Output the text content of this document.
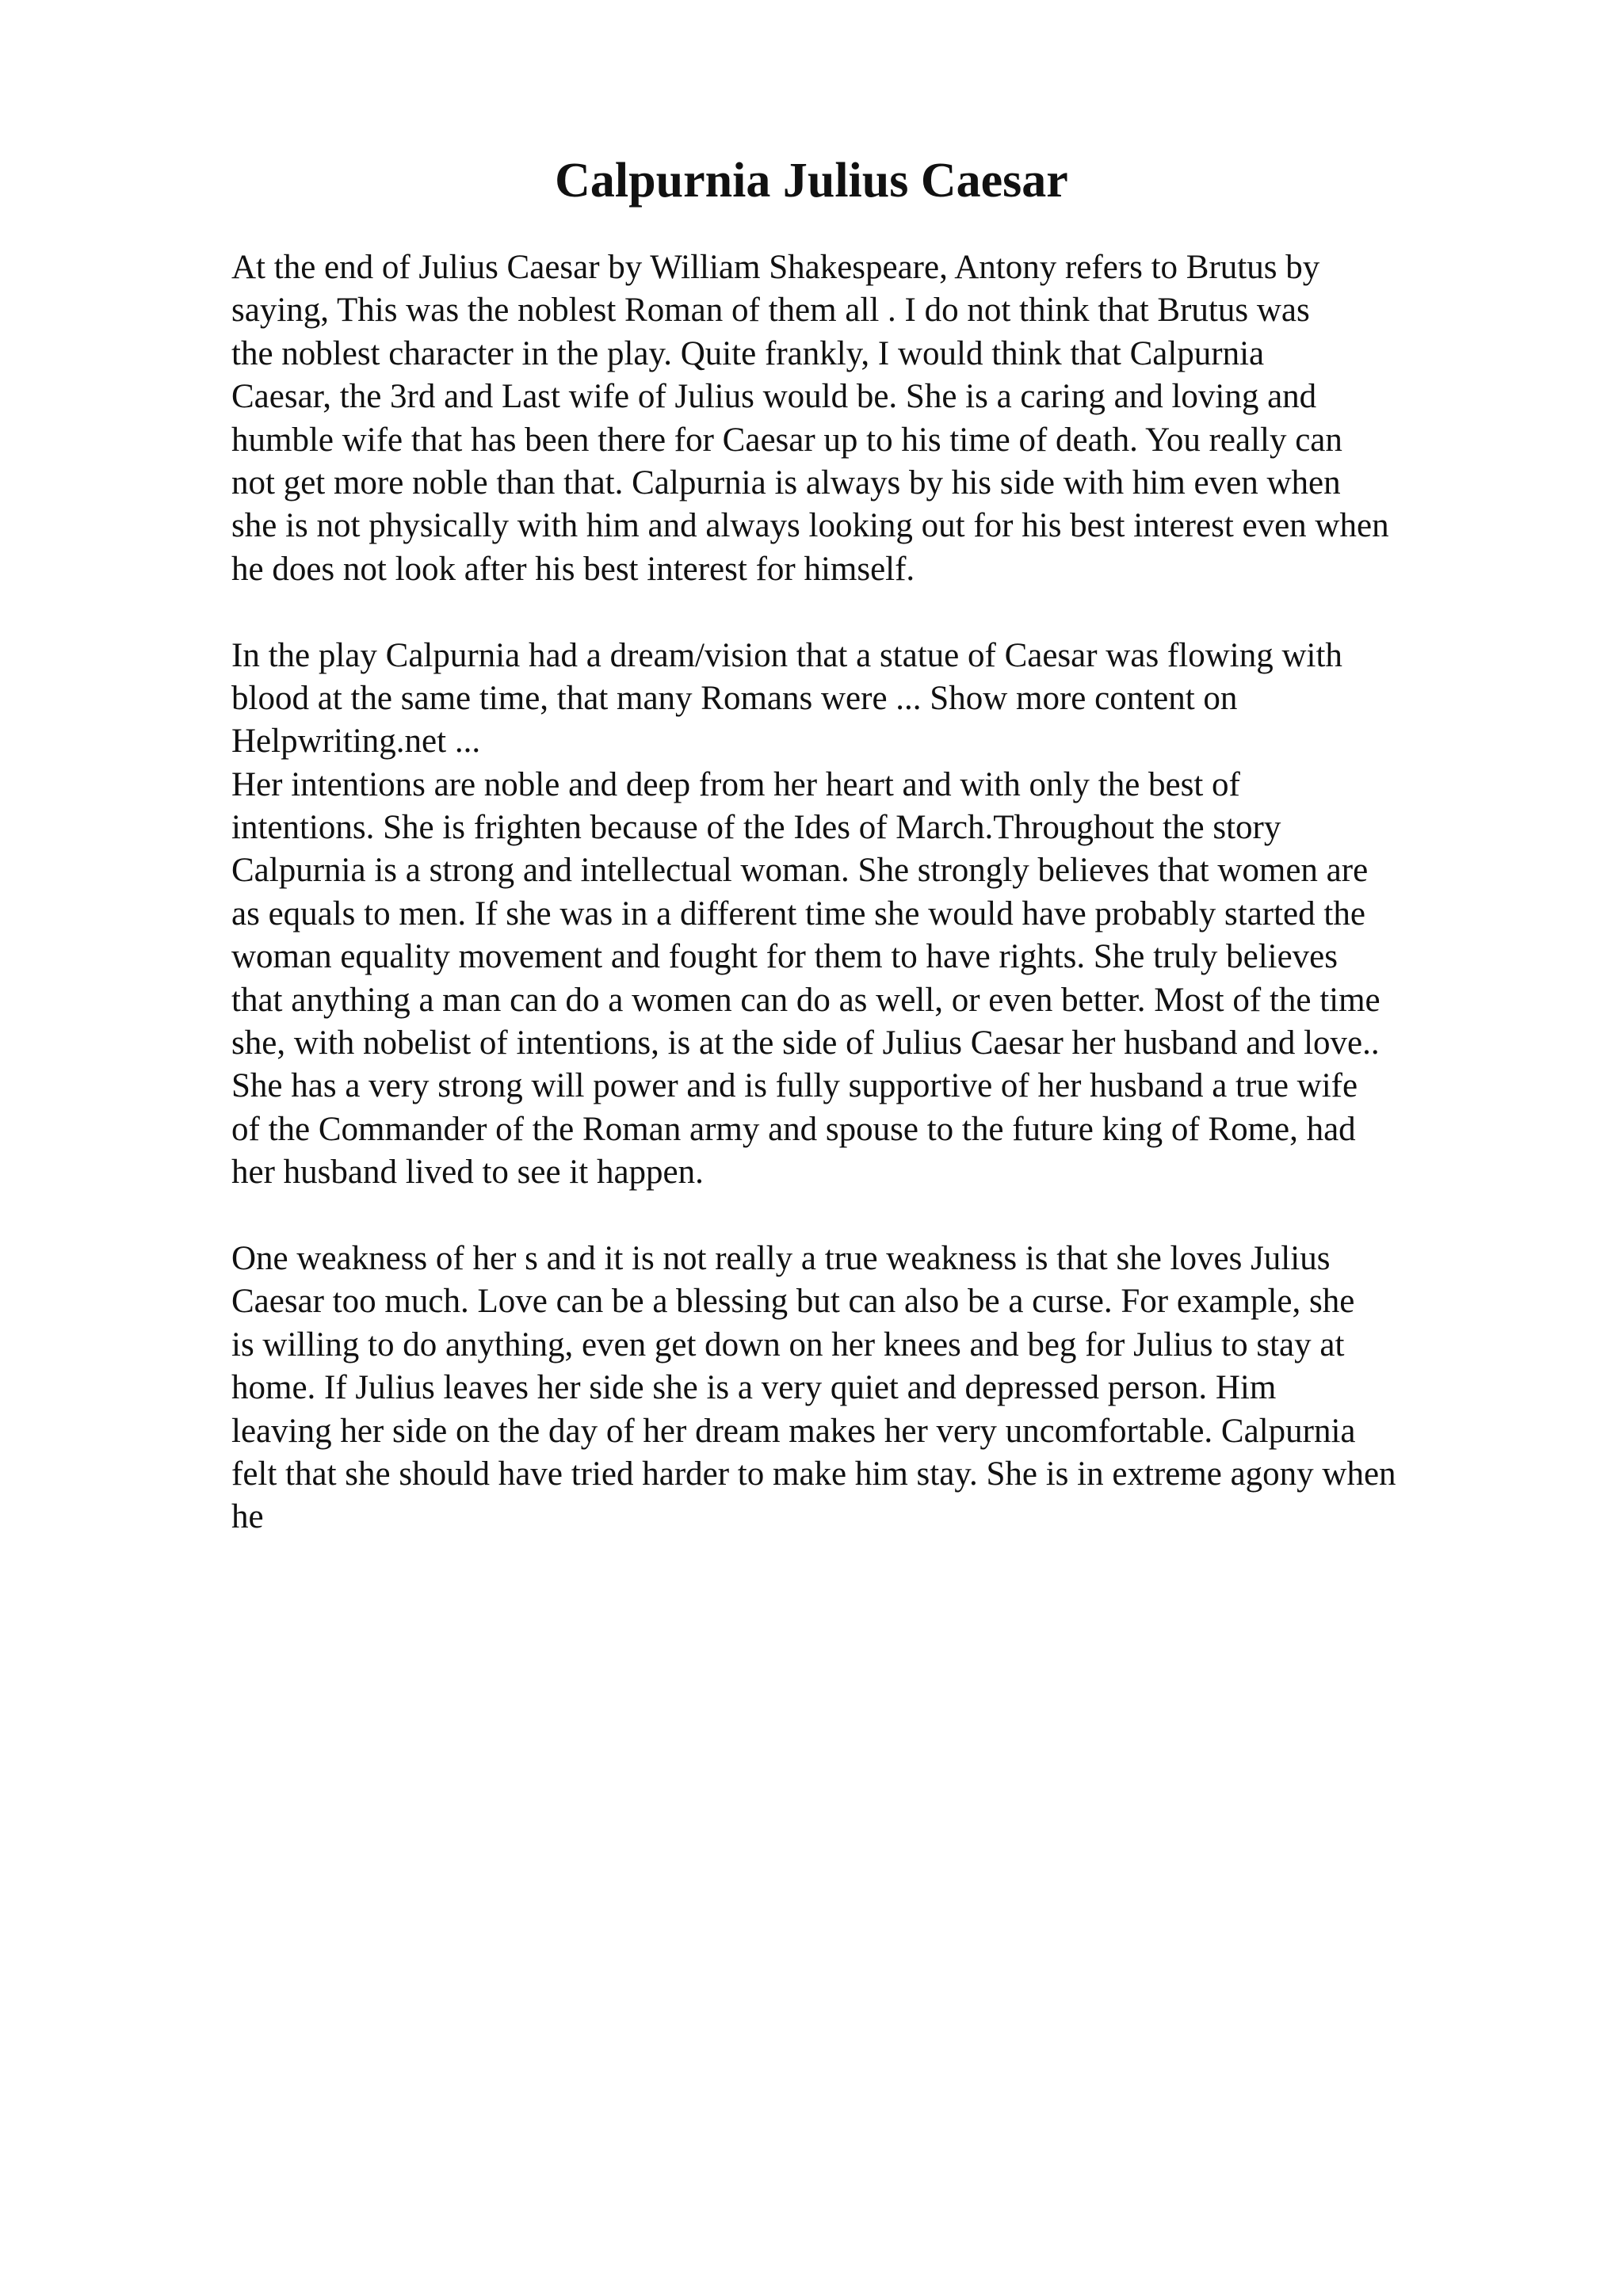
Calpurnia Julius Caesar

At the end of Julius Caesar by William Shakespeare, Antony refers to Brutus by
saying, This was the noblest Roman of them all . I do not think that Brutus was
the noblest character in the play. Quite frankly, I would think that Calpurnia
Caesar, the 3rd and Last wife of Julius would be. She is a caring and loving and
humble wife that has been there for Caesar up to his time of death. You really can
not get more noble than that. Calpurnia is always by his side with him even when
she is not physically with him and always looking out for his best interest even when
he does not look after his best interest for himself.

In the play Calpurnia had a dream/vision that a statue of Caesar was flowing with
blood at the same time, that many Romans were ... Show more content on
Helpwriting.net ...

Her intentions are noble and deep from her heart and with only the best of
intentions. She is frighten because of the Ides of March.Throughout the story
Calpurnia is a strong and intellectual woman. She strongly believes that women are
as equals to men. If she was in a different time she would have probably started the
woman equality movement and fought for them to have rights. She truly believes
that anything a man can do a women can do as well, or even better. Most of the time
she, with nobelist of intentions, is at the side of Julius Caesar her husband and love..
She has a very strong will power and is fully supportive of her husband a true wife
of the Commander of the Roman army and spouse to the future king of Rome, had
her husband lived to see it happen.

One weakness of her s and it is not really a true weakness is that she loves Julius
Caesar too much. Love can be a blessing but can also be a curse. For example, she
is willing to do anything, even get down on her knees and beg for Julius to stay at
home. If Julius leaves her side she is a very quiet and depressed person. Him
leaving her side on the day of her dream makes her very uncomfortable. Calpurnia
felt that she should have tried harder to make him stay. She is in extreme agony when
he
